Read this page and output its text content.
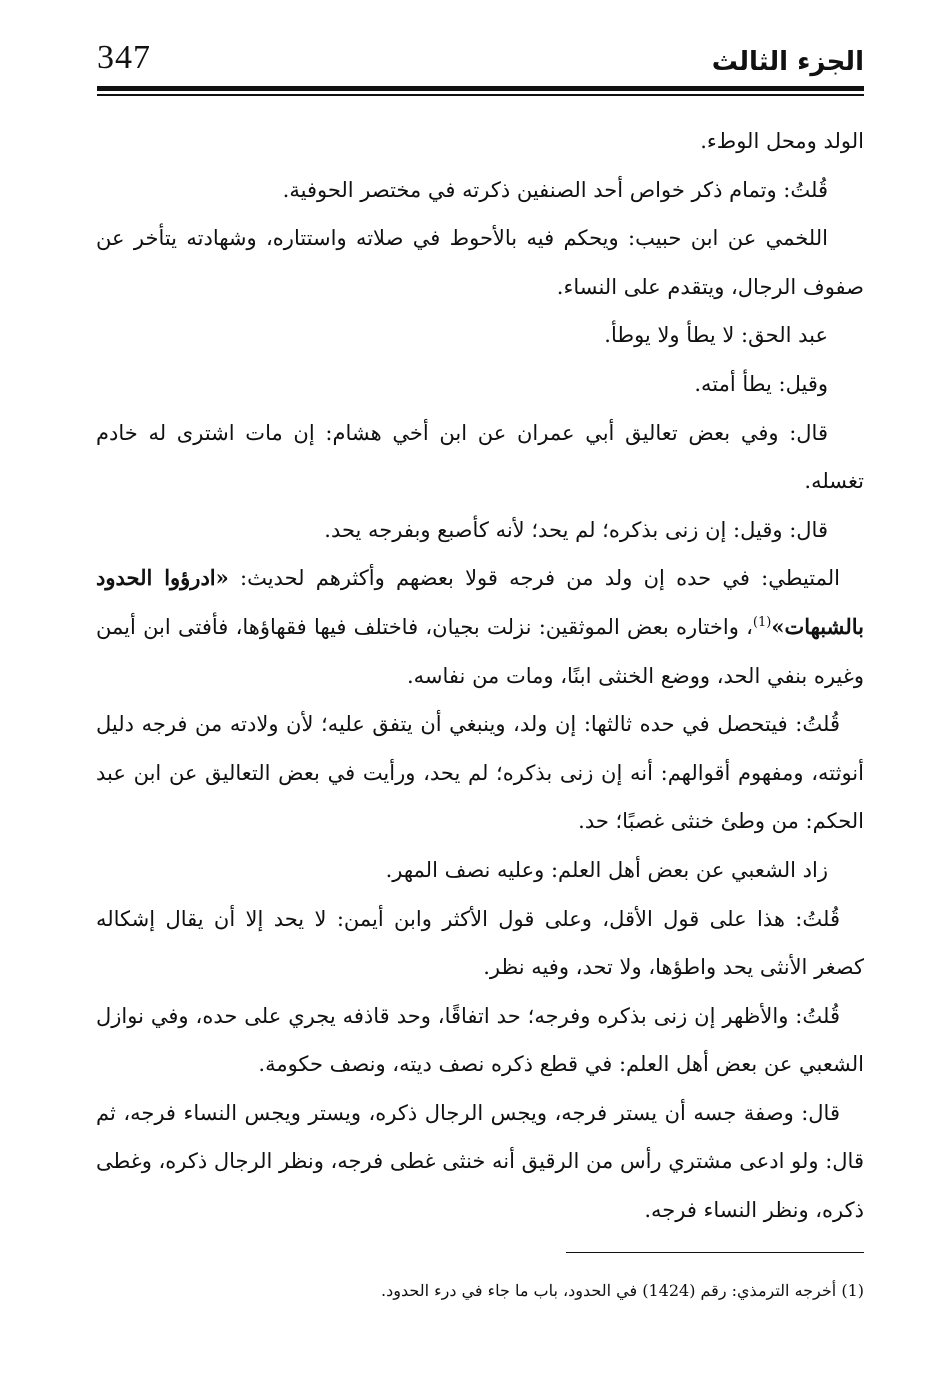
347	الجزء الثالث

الولد ومحل الوطء.

قُلتُ: وتمام ذكر خواص أحد الصنفين ذكرته في مختصر الحوفية.

اللخمي عن ابن حبيب: ويحكم فيه بالأحوط في صلاته واستتاره، وشهادته يتأخر عن صفوف الرجال، ويتقدم على النساء.

عبد الحق: لا يطأ ولا يوطأ.

وقيل: يطأ أمته.

قال: وفي بعض تعاليق أبي عمران عن ابن أخي هشام: إن مات اشترى له خادم تغسله.

قال: وقيل: إن زنى بذكره؛ لم يحد؛ لأنه كأصبع وبفرجه يحد.

المتيطي: في حده إن ولد من فرجه قولا بعضهم وأكثرهم لحديث: «ادرؤوا الحدود بالشبهات»$^{(1)}$، واختاره بعض الموثقين: نزلت بجيان، فاختلف فيها فقهاؤها، فأفتى ابن أيمن وغيره بنفي الحد، ووضع الخنثى ابنًا، ومات من نفاسه.

قُلتُ: فيتحصل في حده ثالثها: إن ولد، وينبغي أن يتفق عليه؛ لأن ولادته من فرجه دليل أنوثته، ومفهوم أقوالهم: أنه إن زنى بذكره؛ لم يحد، ورأيت في بعض التعاليق عن ابن عبد الحكم: من وطئ خنثى غصبًا؛ حد.

زاد الشعبي عن بعض أهل العلم: وعليه نصف المهر.

قُلتُ: هذا على قول الأقل، وعلى قول الأكثر وابن أيمن: لا يحد إلا أن يقال إشكاله كصغر الأنثى يحد واطؤها، ولا تحد، وفيه نظر.

قُلتُ: والأظهر إن زنى بذكره وفرجه؛ حد اتفاقًا، وحد قاذفه يجري على حده، وفي نوازل الشعبي عن بعض أهل العلم: في قطع ذكره نصف ديته، ونصف حكومة.

قال: وصفة جسه أن يستر فرجه، ويجس الرجال ذكره، ويستر ويجس النساء فرجه، ثم قال: ولو ادعى مشتري رأس من الرقيق أنه خنثى غطى فرجه، ونظر الرجال ذكره، وغطى ذكره، ونظر النساء فرجه.

(1) أخرجه الترمذي: رقم (1424) في الحدود، باب ما جاء في درء الحدود.
